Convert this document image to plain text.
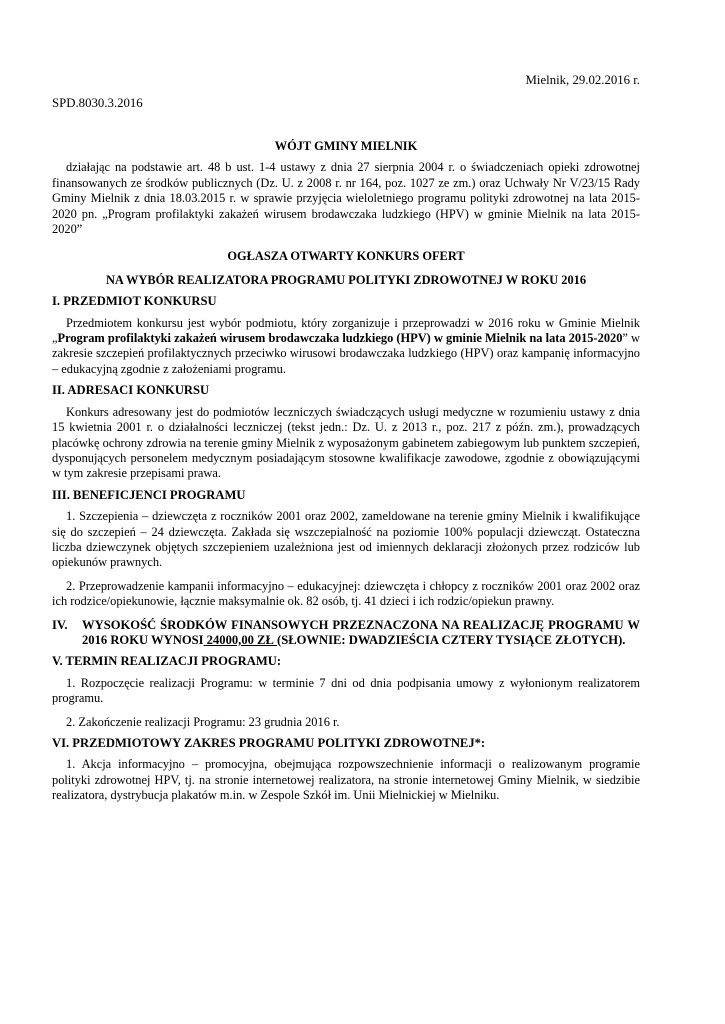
Mielnik, 29.02.2016 r.
SPD.8030.3.2016

WÓJT GMINY MIELNIK

działając na podstawie art. 48 b ust. 1-4 ustawy z dnia 27 sierpnia 2004 r. o świadczeniach opieki zdrowotnej finansowanych ze środków publicznych (Dz. U. z 2008 r. nr 164, poz. 1027 ze zm.) oraz Uchwały Nr V/23/15 Rady Gminy Mielnik z dnia 18.03.2015 r. w sprawie przyjęcia wieloletniego programu polityki zdrowotnej na lata 2015-2020 pn. „Program profilaktyki zakażeń wirusem brodawczaka ludzkiego (HPV) w gminie Mielnik na lata 2015-2020”

OGŁASZA OTWARTY KONKURS OFERT

NA WYBÓR REALIZATORA PROGRAMU POLITYKI ZDROWOTNEJ W ROKU 2016

I. PRZEDMIOT KONKURSU

Przedmiotem konkursu jest wybór podmiotu, który zorganizuje i przeprowadzi w 2016 roku w Gminie Mielnik „Program profilaktyki zakażeń wirusem brodawczaka ludzkiego (HPV) w gminie Mielnik na lata 2015-2020” w zakresie szczepień profilaktycznych przeciwko wirusowi brodawczaka ludzkiego (HPV) oraz kampanię informacyjno – edukacyjną zgodnie z założeniami programu.

II. ADRESACI KONKURSU

Konkurs adresowany jest do podmiotów leczniczych świadczących usługi medyczne w rozumieniu ustawy z dnia 15 kwietnia 2001 r. o działalności leczniczej (tekst jedn.: Dz. U. z 2013 r., poz. 217 z późn. zm.), prowadzących placówkę ochrony zdrowia na terenie gminy Mielnik z wyposażonym gabinetem zabiegowym lub punktem szczepień, dysponujących personelem medycznym posiadającym stosowne kwalifikacje zawodowe, zgodnie z obowiązującymi w tym zakresie przepisami prawa.

III. BENEFICJENCI PROGRAMU

1. Szczepienia – dziewczęta z roczników 2001 oraz 2002, zameldowane na terenie gminy Mielnik i kwalifikujące się do szczepień – 24 dziewczęta. Zakłada się wszczepialność na poziomie 100% populacji dziewcząt. Ostateczna liczba dziewczynek objętych szczepieniem uzależniona jest od imiennych deklaracji złożonych przez rodziców lub opiekunów prawnych.

2. Przeprowadzenie kampanii informacyjno – edukacyjnej: dziewczęta i chłopcy z roczników 2001 oraz 2002 oraz ich rodzice/opiekunowie, łącznie maksymalnie ok. 82 osób, tj. 41 dzieci i ich rodzic/opiekun prawny.

IV.	WYSOKOŚĆ ŚRODKÓW FINANSOWYCH PRZEZNACZONA NA REALIZACJĘ PROGRAMU W 2016 ROKU WYNOSI 24000,00 ZŁ (SŁOWNIE: DWADZIEŚCIA CZTERY TYSIĄCE ZŁOTYCH).
V. TERMIN REALIZACJI PROGRAMU:

1. Rozpoczęcie realizacji Programu: w terminie 7 dni od dnia podpisania umowy z wyłonionym realizatorem programu.

2. Zakończenie realizacji Programu: 23 grudnia 2016 r.

VI. PRZEDMIOTOWY ZAKRES PROGRAMU POLITYKI ZDROWOTNEJ*:

1. Akcja informacyjno – promocyjna, obejmująca rozpowszechnienie informacji o realizowanym programie polityki zdrowotnej HPV, tj. na stronie internetowej realizatora, na stronie internetowej Gminy Mielnik, w siedzibie realizatora, dystrybucja plakatów m.in. w Zespole Szkół im. Unii Mielnickiej w Mielniku.
